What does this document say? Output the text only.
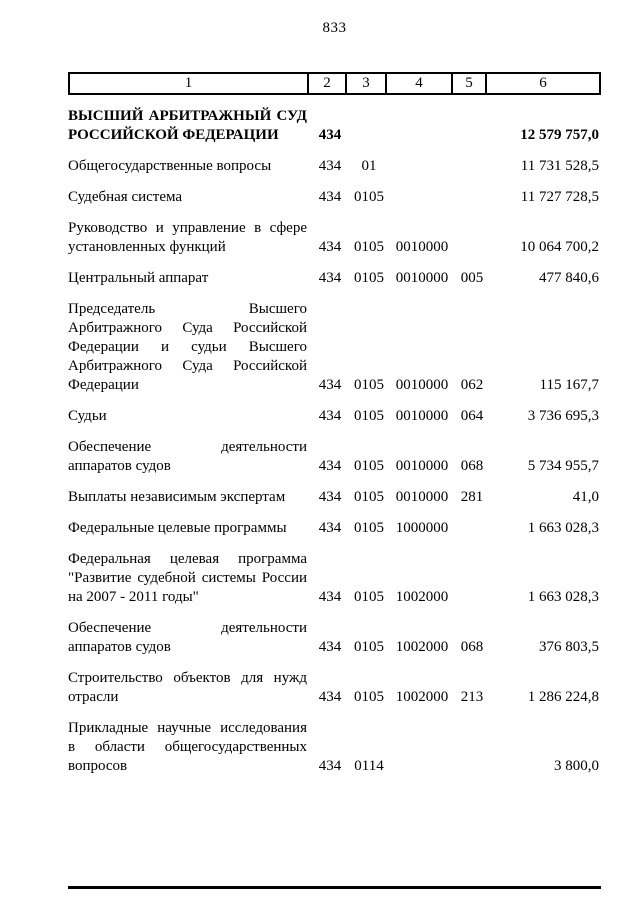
833
1	2	3	4	5	6
ВЫСШИЙ АРБИТРАЖНЫЙ СУД РОССИЙСКОЙ ФЕДЕРАЦИИ	434	12 579 757,0
Общегосударственные вопросы	434	01	11 731 528,5
Судебная система	434 0105	11 727 728,5
Руководство и управление в сфере установленных функций	434 0105 0010000	10 064 700,2
Центральный аппарат	434 0105 0010000 005	477 840,6
Председатель Высшего Арбитражного Суда Российской Федерации и судьи Высшего Арбитражного Суда Российской Федерации	434 0105 0010000 062	115 167,7
Судьи	434 0105 0010000 064	3 736 695,3
Обеспечение деятельности аппаратов судов	434 0105 0010000 068	5 734 955,7
Выплаты независимым экспертам	434 0105 0010000 281	41,0
Федеральные целевые программы	434 0105 1000000	1 663 028,3
Федеральная целевая программа "Развитие судебной системы России на 2007 - 2011 годы"	434 0105 1002000	1 663 028,3
Обеспечение деятельности аппаратов судов	434 0105 1002000 068	376 803,5
Строительство объектов для нужд отрасли	434 0105 1002000 213	1 286 224,8
Прикладные научные исследования в области общегосударственных вопросов	434 0114	3 800,0
